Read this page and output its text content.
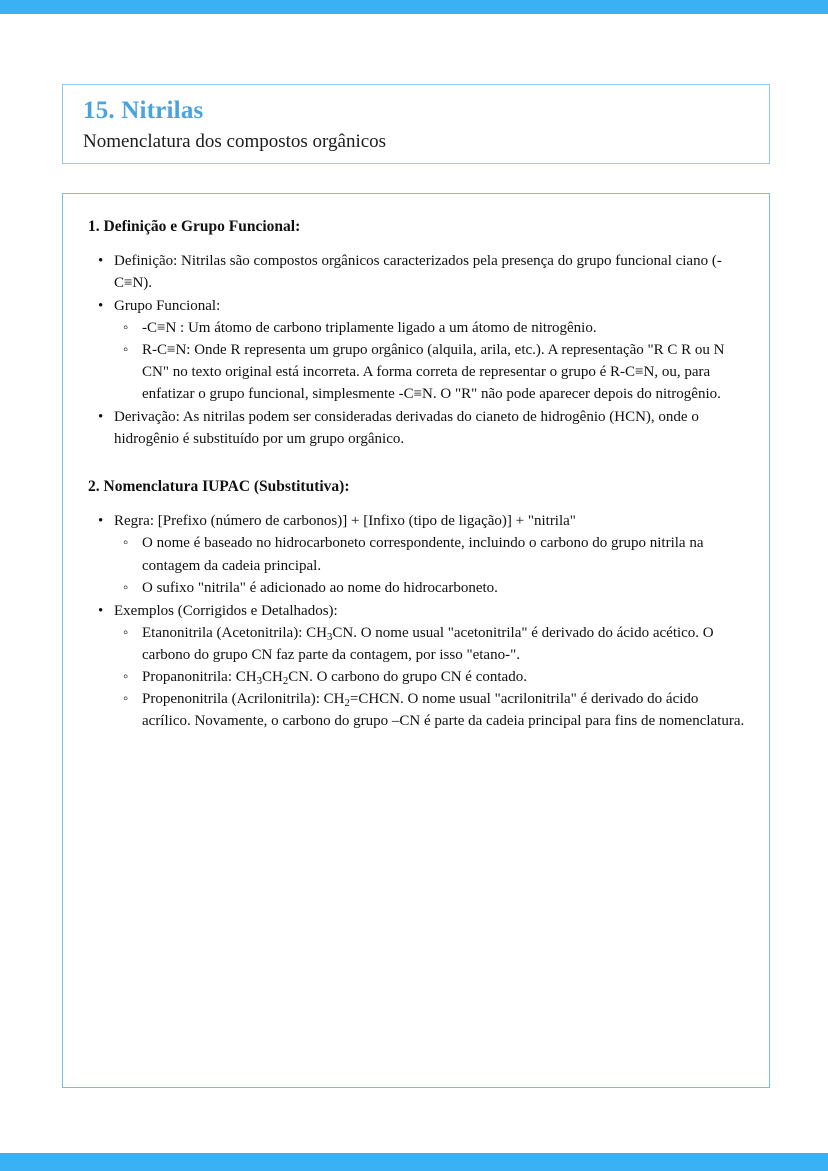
15. Nitrilas
Nomenclatura dos compostos orgânicos
1. Definição e Grupo Funcional:
• Definição: Nitrilas são compostos orgânicos caracterizados pela presença do grupo funcional ciano (-C≡N).
• Grupo Funcional:
◦ -C≡N : Um átomo de carbono triplamente ligado a um átomo de nitrogênio.
◦ R-C≡N: Onde R representa um grupo orgânico (alquila, arila, etc.). A representação "R C R ou N CN" no texto original está incorreta. A forma correta de representar o grupo é R-C≡N, ou, para enfatizar o grupo funcional, simplesmente -C≡N. O "R" não pode aparecer depois do nitrogênio.
• Derivação: As nitrilas podem ser consideradas derivadas do cianeto de hidrogênio (HCN), onde o hidrogênio é substituído por um grupo orgânico.
2. Nomenclatura IUPAC (Substitutiva):
• Regra: [Prefixo (número de carbonos)] + [Infixo (tipo de ligação)] + "nitrila"
◦ O nome é baseado no hidrocarboneto correspondente, incluindo o carbono do grupo nitrila na contagem da cadeia principal.
◦ O sufixo "nitrila" é adicionado ao nome do hidrocarboneto.
• Exemplos (Corrigidos e Detalhados):
◦ Etanonitrila (Acetonitrila): $CH_3CN$. O nome usual "acetonitrila" é derivado do ácido acético. O carbono do grupo CN faz parte da contagem, por isso "etano-".
◦ Propanonitrila: $CH_3CH_2CN$. O carbono do grupo CN é contado.
◦ Propenonitrila (Acrilonitrila): $CH_2=CHCN$. O nome usual "acrilonitrila" é derivado do ácido acrílico. Novamente, o carbono do grupo –CN é parte da cadeia principal para fins de nomenclatura.
